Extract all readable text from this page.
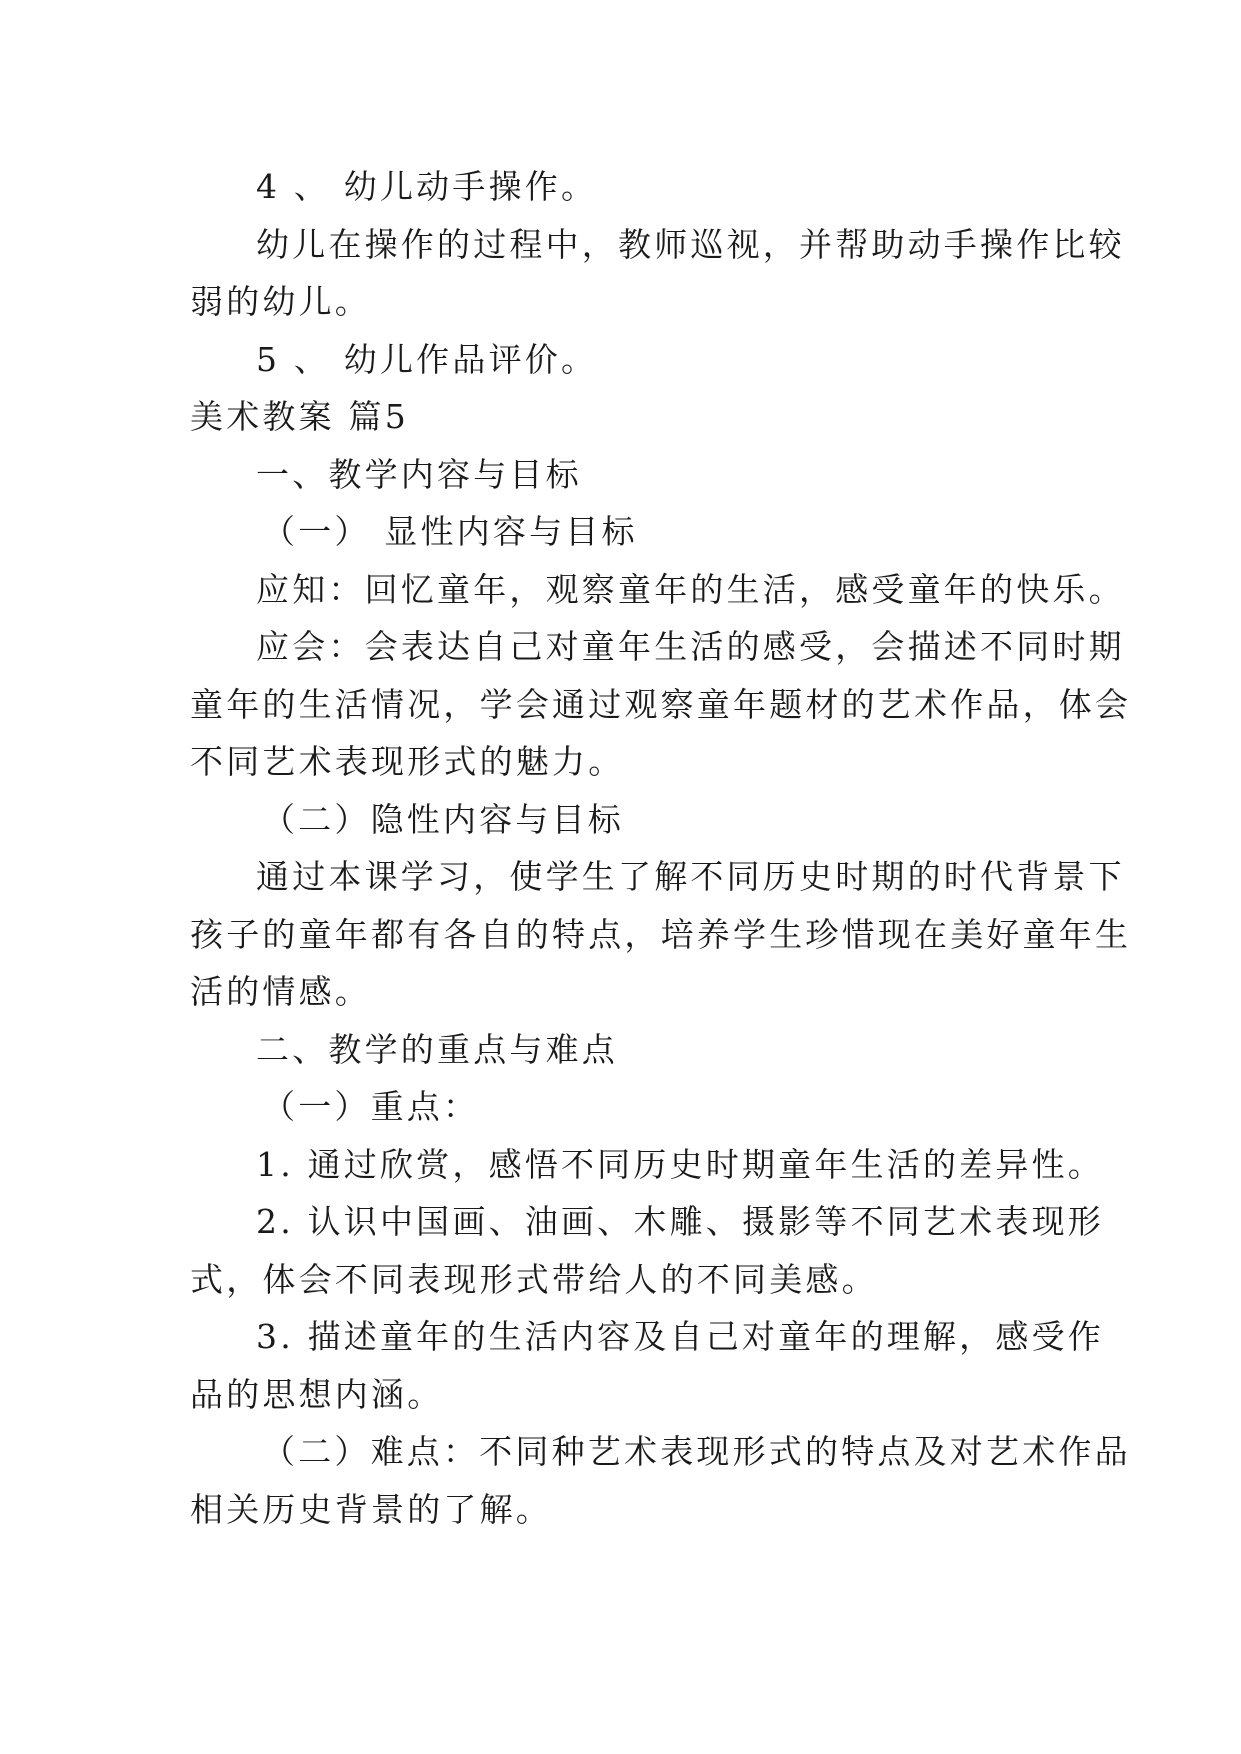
4 、 幼儿动手操作。
幼儿在操作的过程中，教师巡视，并帮助动手操作比较
弱的幼儿。
5 、 幼儿作品评价。
美术教案 篇5
一、教学内容与目标
（一） 显性内容与目标
应知：回忆童年，观察童年的生活，感受童年的快乐。
应会：会表达自己对童年生活的感受，会描述不同时期
童年的生活情况，学会通过观察童年题材的艺术作品，体会
不同艺术表现形式的魅力。
（二）隐性内容与目标
通过本课学习，使学生了解不同历史时期的时代背景下
孩子的童年都有各自的特点，培养学生珍惜现在美好童年生
活的情感。
二、教学的重点与难点
（一）重点：
1. 通过欣赏，感悟不同历史时期童年生活的差异性。
2. 认识中国画、油画、木雕、摄影等不同艺术表现形
式，体会不同表现形式带给人的不同美感。
3. 描述童年的生活内容及自己对童年的理解，感受作
品的思想内涵。
（二）难点：不同种艺术表现形式的特点及对艺术作品
相关历史背景的了解。
